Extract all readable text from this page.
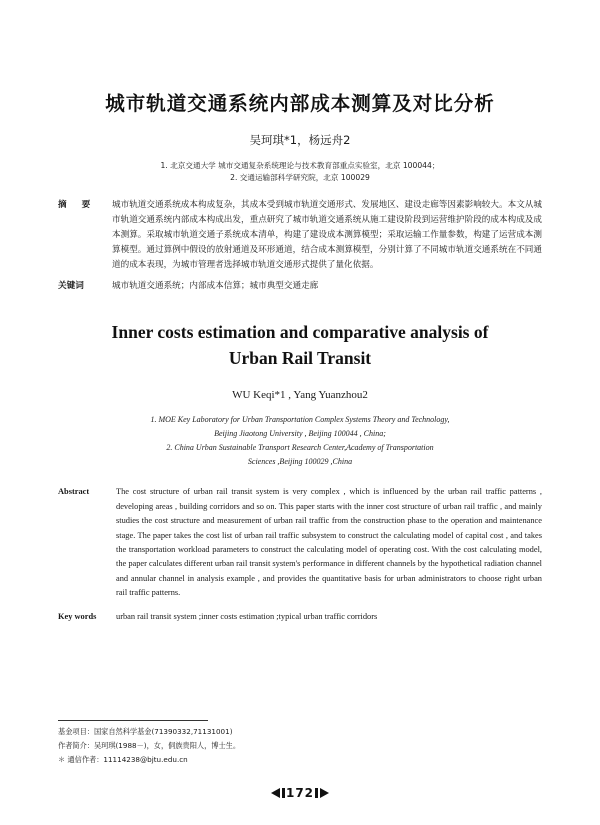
城市轨道交通系统内部成本测算及对比分析
吴珂琪*1，杨远舟2
1. 北京交通大学 城市交通复杂系统理论与技术教育部重点实验室，北京 100044；
2. 交通运输部科学研究院，北京 100029
摘 要	城市轨道交通系统成本构成复杂，其成本受到城市轨道交通形式、发展地区、建设走廊等因素影响较大。本文从城市轨道交通系统内部成本构成出发，重点研究了城市轨道交通系统从施工建设阶段到运营维护阶段的成本构成及成本测算。采取城市轨道交通子系统成本清单，构建了建设成本测算模型；采取运输工作量参数，构建了运营成本测算模型。通过算例中假设的放射通道及环形通道，结合成本测算模型，分别计算了不同城市轨道交通系统在不同通道的成本表现，为城市管理者选择城市轨道交通形式提供了量化依据。
关键词	城市轨道交通系统；内部成本信算；城市典型交通走廊
Inner costs estimation and comparative analysis of
Urban Rail Transit
WU Keqi*1 , Yang Yuanzhou2
1. MOE Key Laboratory for Urban Transportation Complex Systems Theory and Technology,
Beijing Jiaotong University , Beijing 100044 , China;
2. China Urban Sustainable Transport Research Center,Academy of Transportation
Sciences ,Beijing 100029 ,China
Abstract	The cost structure of urban rail transit system is very complex , which is influenced by the urban rail traffic patterns , developing areas , building corridors and so on. This paper starts with the inner cost structure of urban rail traffic , and mainly studies the cost structure and measurement of urban rail traffic from the construction phase to the operation and maintenance stage. The paper takes the cost list of urban rail traffic subsystem to construct the calculating model of capital cost , and takes the transportation workload parameters to construct the calculating model of operating cost. With the cost calculating model, the paper calculates different urban rail transit system's performance in different channels by the hypothetical radiation channel and annular channel in analysis example , and provides the quantitative basis for urban administrators to choose right urban rail traffic patterns.
Key words	urban rail transit system ;inner costs estimation ;typical urban traffic corridors
基金项目：国家自然科学基金(71390332,71131001)
作者简介：吴珂琪(1988－)，女，侗族贵阳人，博士生。
＊ 通信作者：11114238@bjtu.edu.cn
172
